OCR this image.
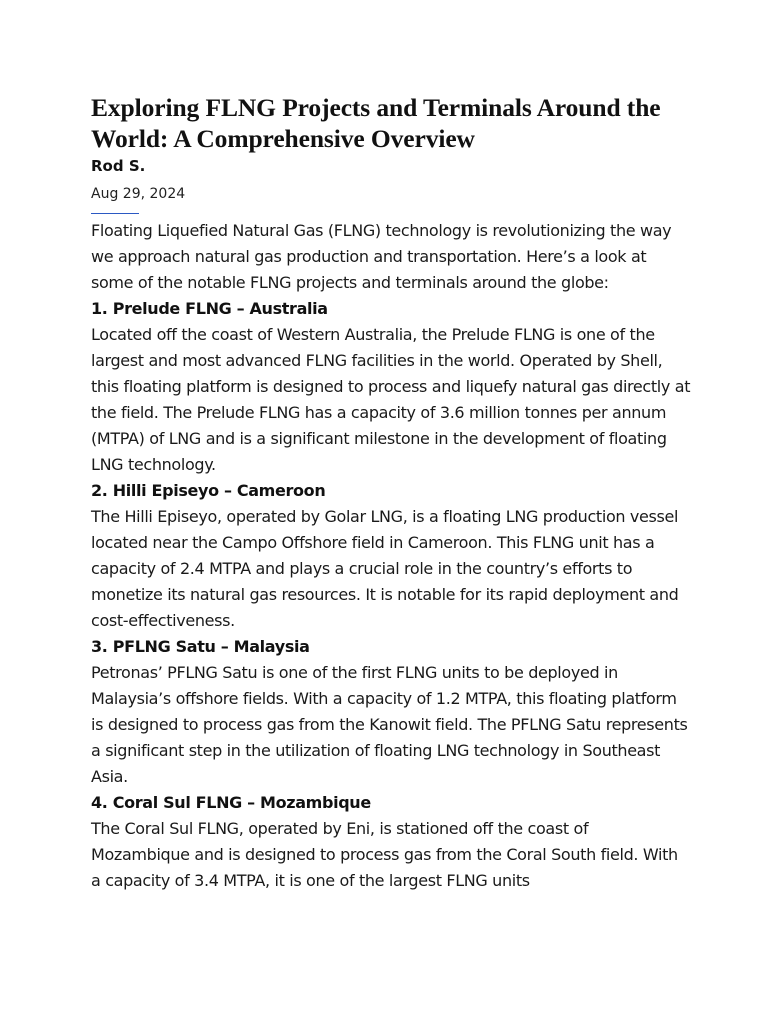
Exploring FLNG Projects and Terminals Around the World: A Comprehensive Overview
Rod S.
Aug 29, 2024

Floating Liquefied Natural Gas (FLNG) technology is revolutionizing the way we approach natural gas production and transportation. Here’s a look at some of the notable FLNG projects and terminals around the globe:

1. Prelude FLNG – Australia

Located off the coast of Western Australia, the Prelude FLNG is one of the largest and most advanced FLNG facilities in the world. Operated by Shell, this floating platform is designed to process and liquefy natural gas directly at the field. The Prelude FLNG has a capacity of 3.6 million tonnes per annum (MTPA) of LNG and is a significant milestone in the development of floating LNG technology.

2. Hilli Episeyo – Cameroon

The Hilli Episeyo, operated by Golar LNG, is a floating LNG production vessel located near the Campo Offshore field in Cameroon. This FLNG unit has a capacity of 2.4 MTPA and plays a crucial role in the country’s efforts to monetize its natural gas resources. It is notable for its rapid deployment and cost-effectiveness.

3. PFLNG Satu – Malaysia

Petronas’ PFLNG Satu is one of the first FLNG units to be deployed in Malaysia’s offshore fields. With a capacity of 1.2 MTPA, this floating platform is designed to process gas from the Kanowit field. The PFLNG Satu represents a significant step in the utilization of floating LNG technology in Southeast Asia.

4. Coral Sul FLNG – Mozambique

The Coral Sul FLNG, operated by Eni, is stationed off the coast of Mozambique and is designed to process gas from the Coral South field. With a capacity of 3.4 MTPA, it is one of the largest FLNG units
